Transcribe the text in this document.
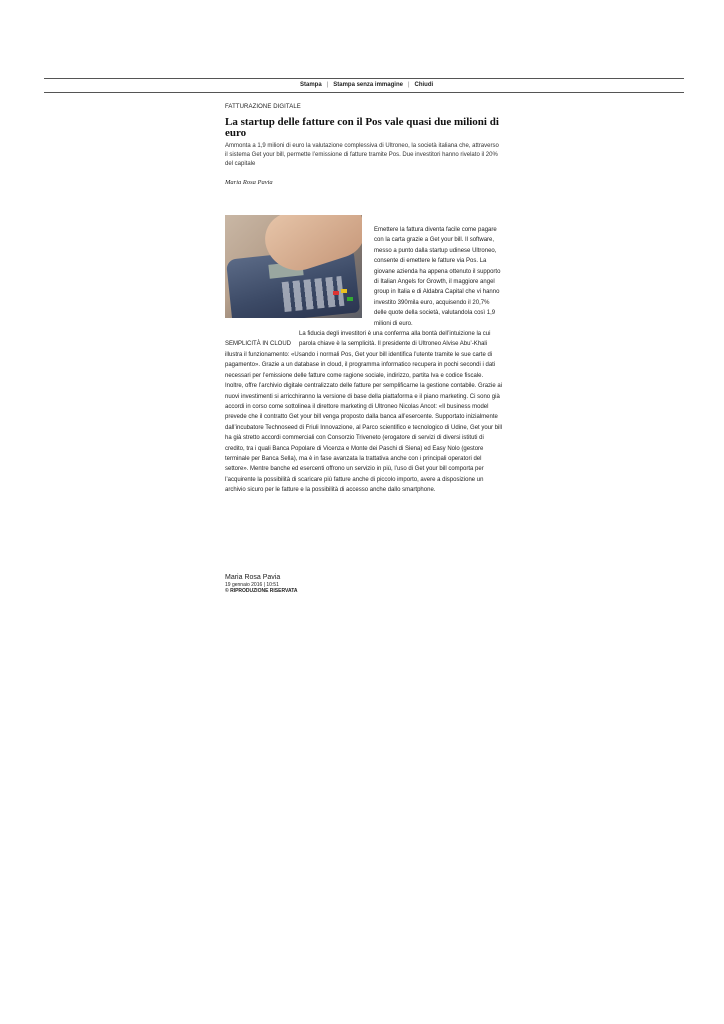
Stampa | Stampa senza immagine | Chiudi

FATTURAZIONE DIGITALE

La startup delle fatture con il Pos vale quasi due milioni di euro

Ammonta a 1,9 milioni di euro la valutazione complessiva di Ultroneo, la società italiana che, attraverso il sistema Get your bill, permette l’emissione di fatture tramite Pos. Due investitori hanno rivelato il 20% del capitale

Maria Rosa Pavia

Emettere la fattura diventa facile come pagare con la carta grazie a Get your bill. Il software, messo a punto dalla startup udinese Ultroneo, consente di emettere le fatture via Pos. La giovane azienda ha appena ottenuto il supporto di Italian Angels for Growth, il maggiore angel group in Italia e di Aldabra Capital che vi hanno investito 390mila euro, acquisendo il 20,7% delle quote della società, valutandola così 1,9 milioni di euro.

SEMPLICITÀ IN CLOUD

La fiducia degli investitori è una conferma alla bontà dell’intuizione la cui parola chiave è la semplicità. Il presidente di Ultroneo Alvise Abu’-Khali illustra il funzionamento: «Usando i normali Pos, Get your bill identifica l’utente tramite le sue carte di pagamento». Grazie a un database in cloud, il programma informatico recupera in pochi secondi i dati necessari per l’emissione delle fatture come ragione sociale, indirizzo, partita Iva e codice fiscale. Inoltre, offre l’archivio digitale centralizzato delle fatture per semplificarne la gestione contabile. Grazie ai nuovi investimenti si arricchiranno la versione di base della piattaforma e il piano marketing. Ci sono già accordi in corso come sottolinea il direttore marketing di Ultroneo Nicolas Ancot: «Il business model prevede che il contratto Get your bill venga proposto dalla banca all’esercente. Supportato inizialmente dall’incubatore Technoseed di Friuli Innovazione, al Parco scientifico e tecnologico di Udine, Get your bill ha già stretto accordi commerciali con Consorzio Triveneto (erogatore di servizi di diversi istituti di credito, tra i quali Banca Popolare di Vicenza e Monte dei Paschi di Siena) ed Easy Nolo (gestore terminale per Banca Sella), ma è in fase avanzata la trattativa anche con i principali operatori del settore». Mentre banche ed esercenti offrono un servizio in più, l’uso di Get your bill comporta per l’acquirente la possibilità di scaricare più fatture anche di piccolo importo, avere a disposizione un archivio sicuro per le fatture e la possibilità di accesso anche dallo smartphone.

Maria Rosa Pavia

19 gennaio 2016 | 10:51

© RIPRODUZIONE RISERVATA
